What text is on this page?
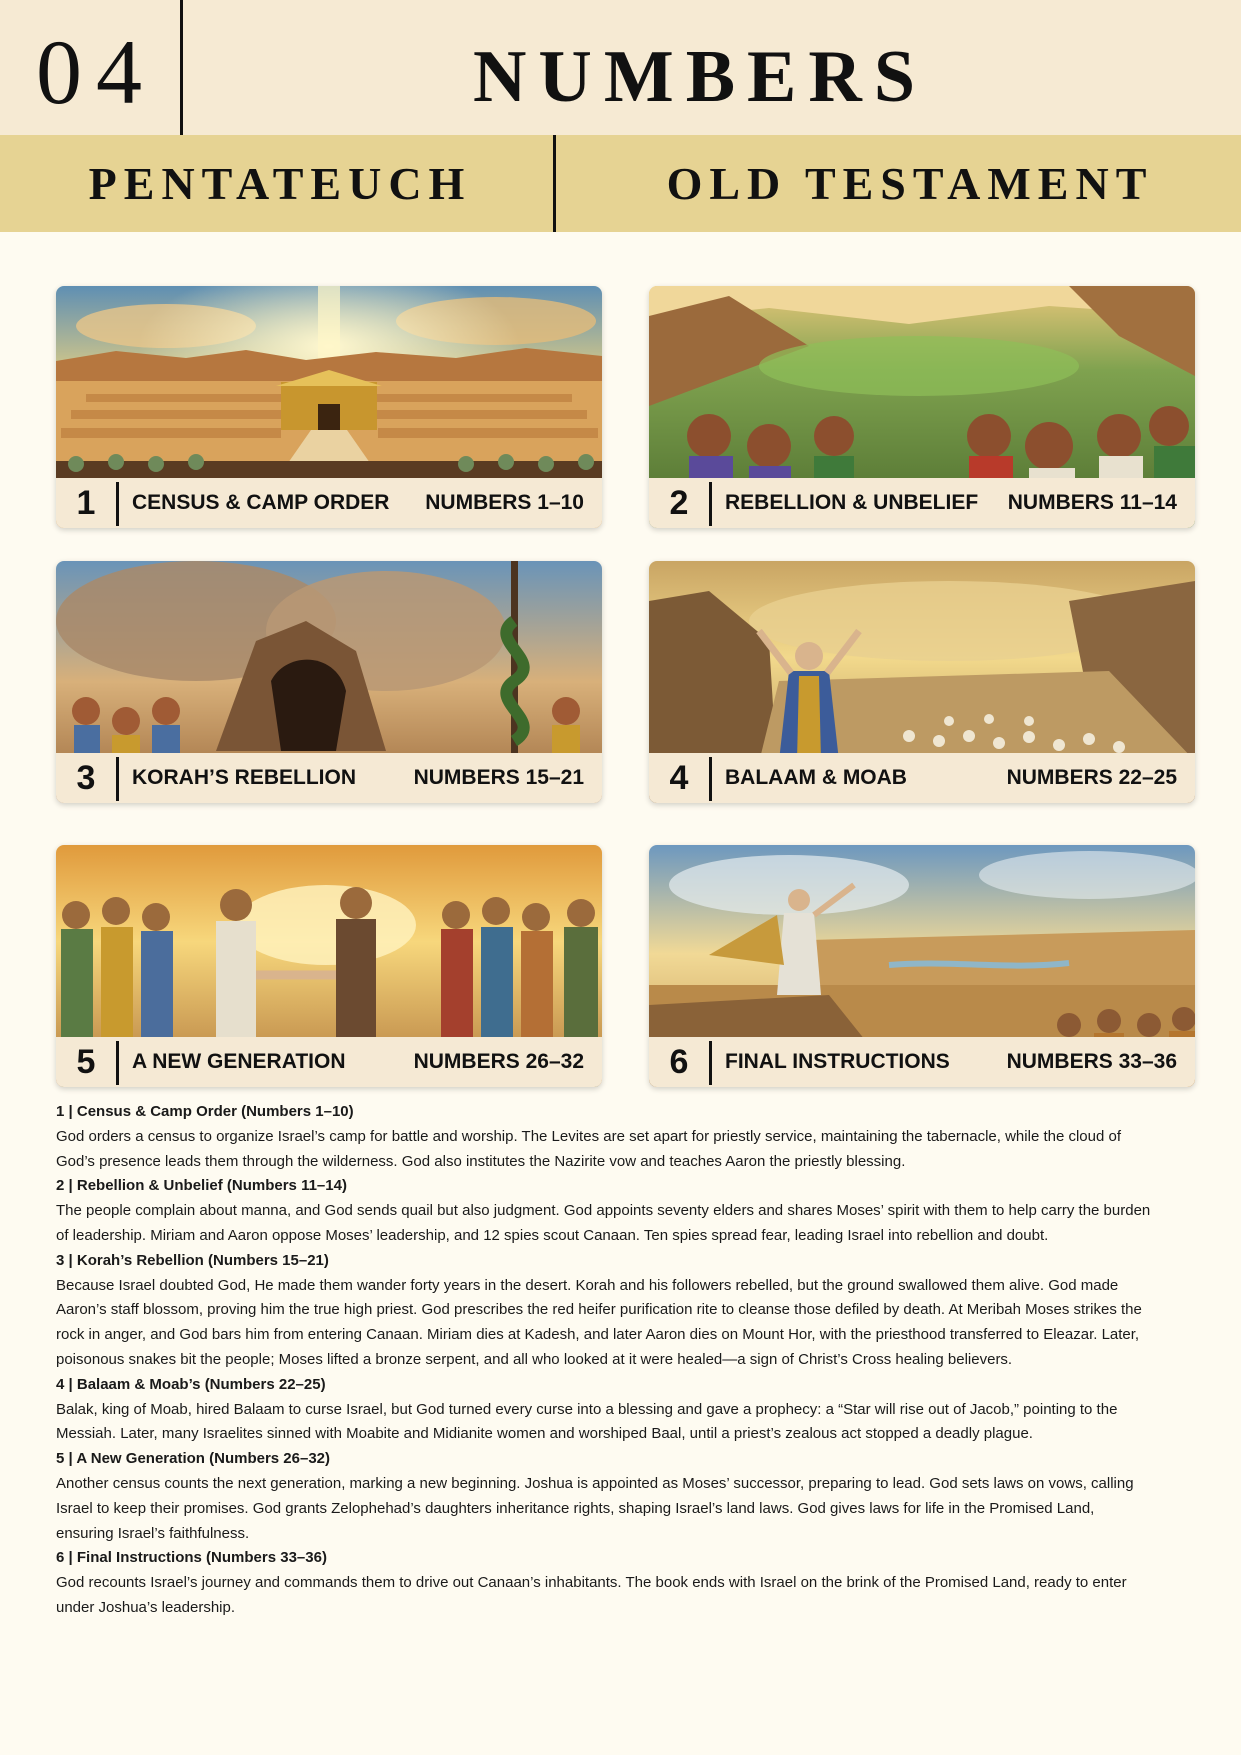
04	NUMBERS
PENTATEUCH	OLD TESTAMENT
1	CENSUS & CAMP ORDER NUMBERS 1–10	2	REBELLION & UNBELIEF NUMBERS 11–14
3	KORAH’S REBELLION	NUMBERS 15–21	4	BALAAM & MOAB	NUMBERS 22–25
5	A NEW GENERATION	NUMBERS 26–32	6	FINAL INSTRUCTIONS	NUMBERS 33–36

1 | Census & Camp Order (Numbers 1–10)

God orders a census to organize Israel’s camp for battle and worship. The Levites are set apart for priestly service, maintaining the tabernacle, while the cloud of God’s presence leads them through the wilderness. God also institutes the Nazirite vow and teaches Aaron the priestly blessing.

2 | Rebellion & Unbelief (Numbers 11–14)

The people complain about manna, and God sends quail but also judgment. God appoints seventy elders and shares Moses’ spirit with them to help carry the burden of leadership. Miriam and Aaron oppose Moses’ leadership, and 12 spies scout Canaan. Ten spies spread fear, leading Israel into rebellion and doubt.

3 | Korah’s Rebellion (Numbers 15–21)

Because Israel doubted God, He made them wander forty years in the desert. Korah and his followers rebelled, but the ground swallowed them alive. God made Aaron’s staff blossom, proving him the true high priest. God prescribes the red heifer purification rite to cleanse those defiled by death. At Meribah Moses strikes the rock in anger, and God bars him from entering Canaan. Miriam dies at Kadesh, and later Aaron dies on Mount Hor, with the priesthood transferred to Eleazar. Later, poisonous snakes bit the people; Moses lifted a bronze serpent, and all who looked at it were healed—a sign of Christ’s Cross healing believers.

4 | Balaam & Moab’s (Numbers 22–25)

Balak, king of Moab, hired Balaam to curse Israel, but God turned every curse into a blessing and gave a prophecy: a “Star will rise out of Jacob,” pointing to the Messiah. Later, many Israelites sinned with Moabite and Midianite women and worshiped Baal, until a priest’s zealous act stopped a deadly plague.

5 | A New Generation (Numbers 26–32)

Another census counts the next generation, marking a new beginning. Joshua is appointed as Moses’ successor, preparing to lead. God sets laws on vows, calling Israel to keep their promises. God grants Zelophehad’s daughters inheritance rights, shaping Israel’s land laws. God gives laws for life in the Promised Land, ensuring Israel’s faithfulness.

6 | Final Instructions (Numbers 33–36)

God recounts Israel’s journey and commands them to drive out Canaan’s inhabitants. The book ends with Israel on the brink of the Promised Land, ready to enter under Joshua’s leadership.
